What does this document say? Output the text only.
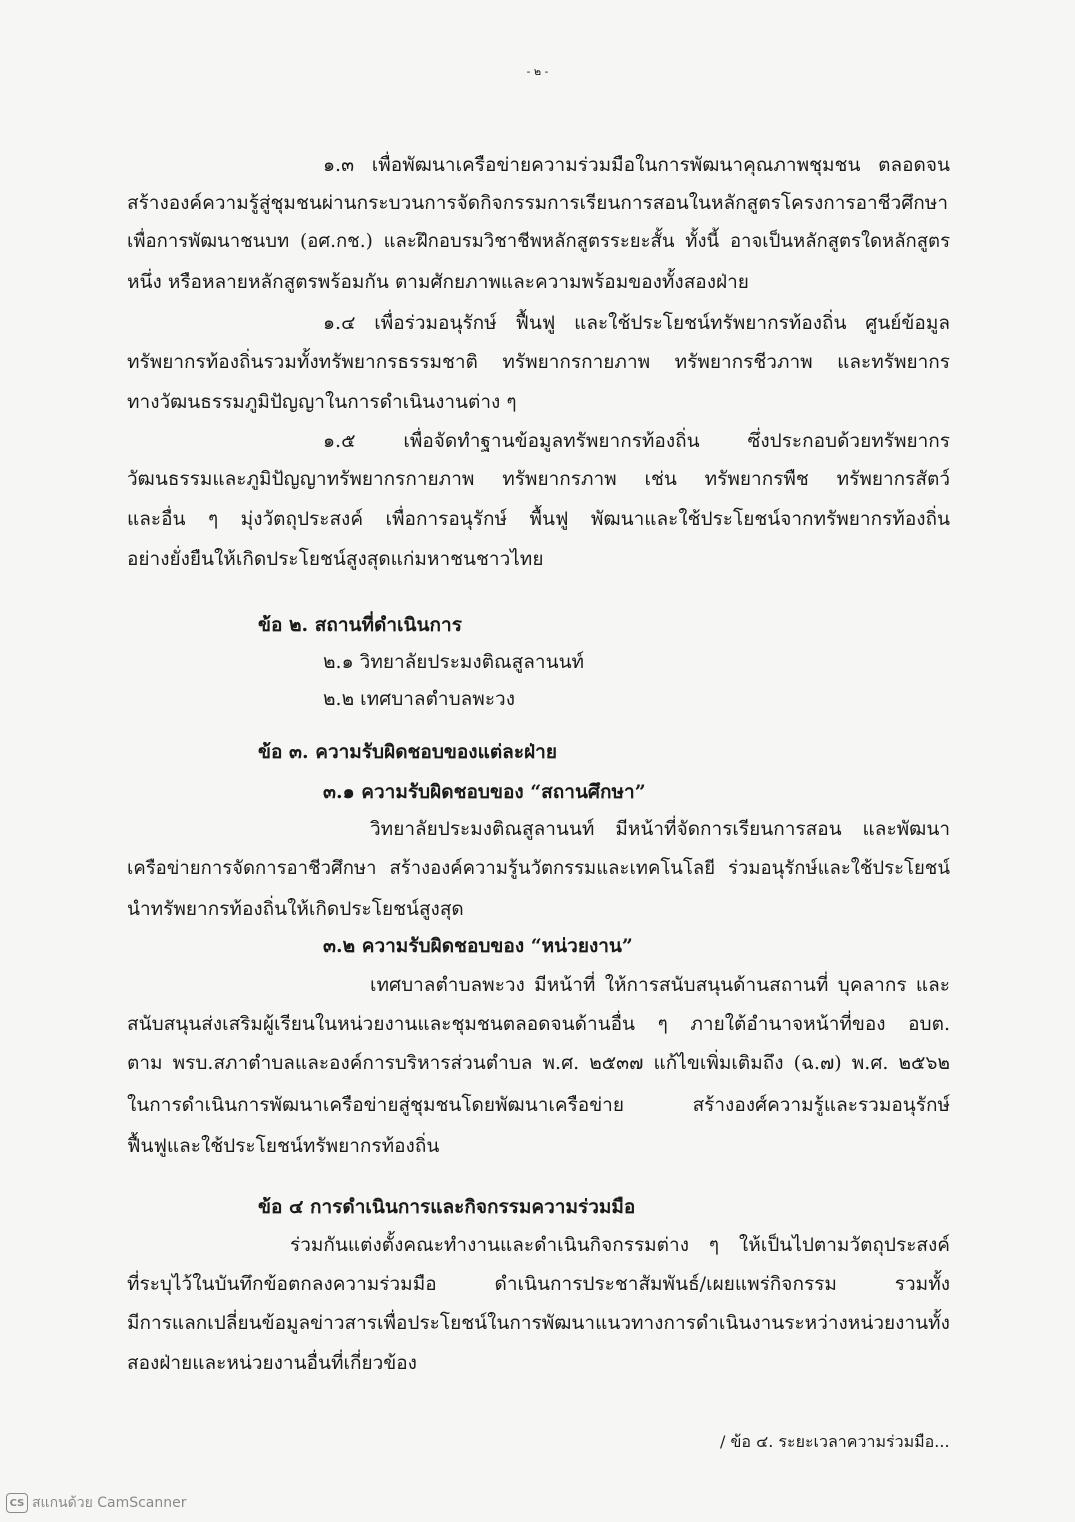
- ๒ -
๑.๓ เพื่อพัฒนาเครือข่ายความร่วมมือในการพัฒนาคุณภาพชุมชน ตลอดจน
สร้างองค์ความรู้สู่ชุมชนผ่านกระบวนการจัดกิจกรรมการเรียนการสอนในหลักสูตรโครงการอาชีวศึกษา
เพื่อการพัฒนาชนบท (อศ.กช.) และฝึกอบรมวิชาชีพหลักสูตรระยะสั้น ทั้งนี้ อาจเป็นหลักสูตรใดหลักสูตร
หนึ่ง หรือหลายหลักสูตรพร้อมกัน ตามศักยภาพและความพร้อมของทั้งสองฝ่าย
๑.๔ เพื่อร่วมอนุรักษ์ ฟื้นฟู และใช้ประโยชน์ทรัพยากรท้องถิ่น ศูนย์ข้อมูล
ทรัพยากรท้องถิ่นรวมทั้งทรัพยากรธรรมชาติ ทรัพยากรกายภาพ ทรัพยากรชีวภาพ และทรัพยากร
ทางวัฒนธรรมภูมิปัญญาในการดำเนินงานต่าง ๆ
๑.๕ เพื่อจัดทำฐานข้อมูลทรัพยากรท้องถิ่น ซึ่งประกอบด้วยทรัพยากร
วัฒนธรรมและภูมิปัญญาทรัพยากรกายภาพ ทรัพยากรภาพ เช่น ทรัพยากรพืช ทรัพยากรสัตว์
และอื่น ๆ มุ่งวัตถุประสงค์ เพื่อการอนุรักษ์ พื้นฟู พัฒนาและใช้ประโยชน์จากทรัพยากรท้องถิ่น
อย่างยั่งยืนให้เกิดประโยชน์สูงสุดแก่มหาชนชาวไทย
ข้อ ๒. สถานที่ดำเนินการ
๒.๑ วิทยาลัยประมงติณสูลานนท์
๒.๒ เทศบาลตำบลพะวง
ข้อ ๓. ความรับผิดชอบของแต่ละฝ่าย
๓.๑ ความรับผิดชอบของ “สถานศึกษา”
วิทยาลัยประมงติณสูลานนท์ มีหน้าที่จัดการเรียนการสอน และพัฒนา
เครือข่ายการจัดการอาชีวศึกษา สร้างองค์ความรู้นวัตกรรมและเทคโนโลยี ร่วมอนุรักษ์และใช้ประโยชน์
นำทรัพยากรท้องถิ่นให้เกิดประโยชน์สูงสุด
๓.๒ ความรับผิดชอบของ “หน่วยงาน”
เทศบาลตำบลพะวง มีหน้าที่ ให้การสนับสนุนด้านสถานที่ บุคลากร และ
สนับสนุนส่งเสริมผู้เรียนในหน่วยงานและชุมชนตลอดจนด้านอื่น ๆ ภายใต้อำนาจหน้าที่ของ อบต.
ตาม พรบ.สภาตำบลและองค์การบริหารส่วนตำบล พ.ศ. ๒๕๓๗ แก้ไขเพิ่มเติมถึง (ฉ.๗) พ.ศ. ๒๕๖๒
ในการดำเนินการพัฒนาเครือข่ายสู่ชุมชนโดยพัฒนาเครือข่าย สร้างองศ์ความรู้และรวมอนุรักษ์
ฟื้นฟูและใช้ประโยชน์ทรัพยากรท้องถิ่น
ข้อ ๔ การดำเนินการและกิจกรรมความร่วมมือ
ร่วมกันแต่งตั้งคณะทำงานและดำเนินกิจกรรมต่าง ๆ ให้เป็นไปตามวัตถุประสงค์
ที่ระบุไว้ในบันทึกข้อตกลงความร่วมมือ ดำเนินการประชาสัมพันธ์/เผยแพร่กิจกรรม รวมทั้ง
มีการแลกเปลี่ยนข้อมูลข่าวสารเพื่อประโยชน์ในการพัฒนาแนวทางการดำเนินงานระหว่างหน่วยงานทั้ง
สองฝ่ายและหน่วยงานอื่นที่เกี่ยวข้อง
/ ข้อ ๔. ระยะเวลาความร่วมมือ...
CS สแกนด้วย CamScanner
